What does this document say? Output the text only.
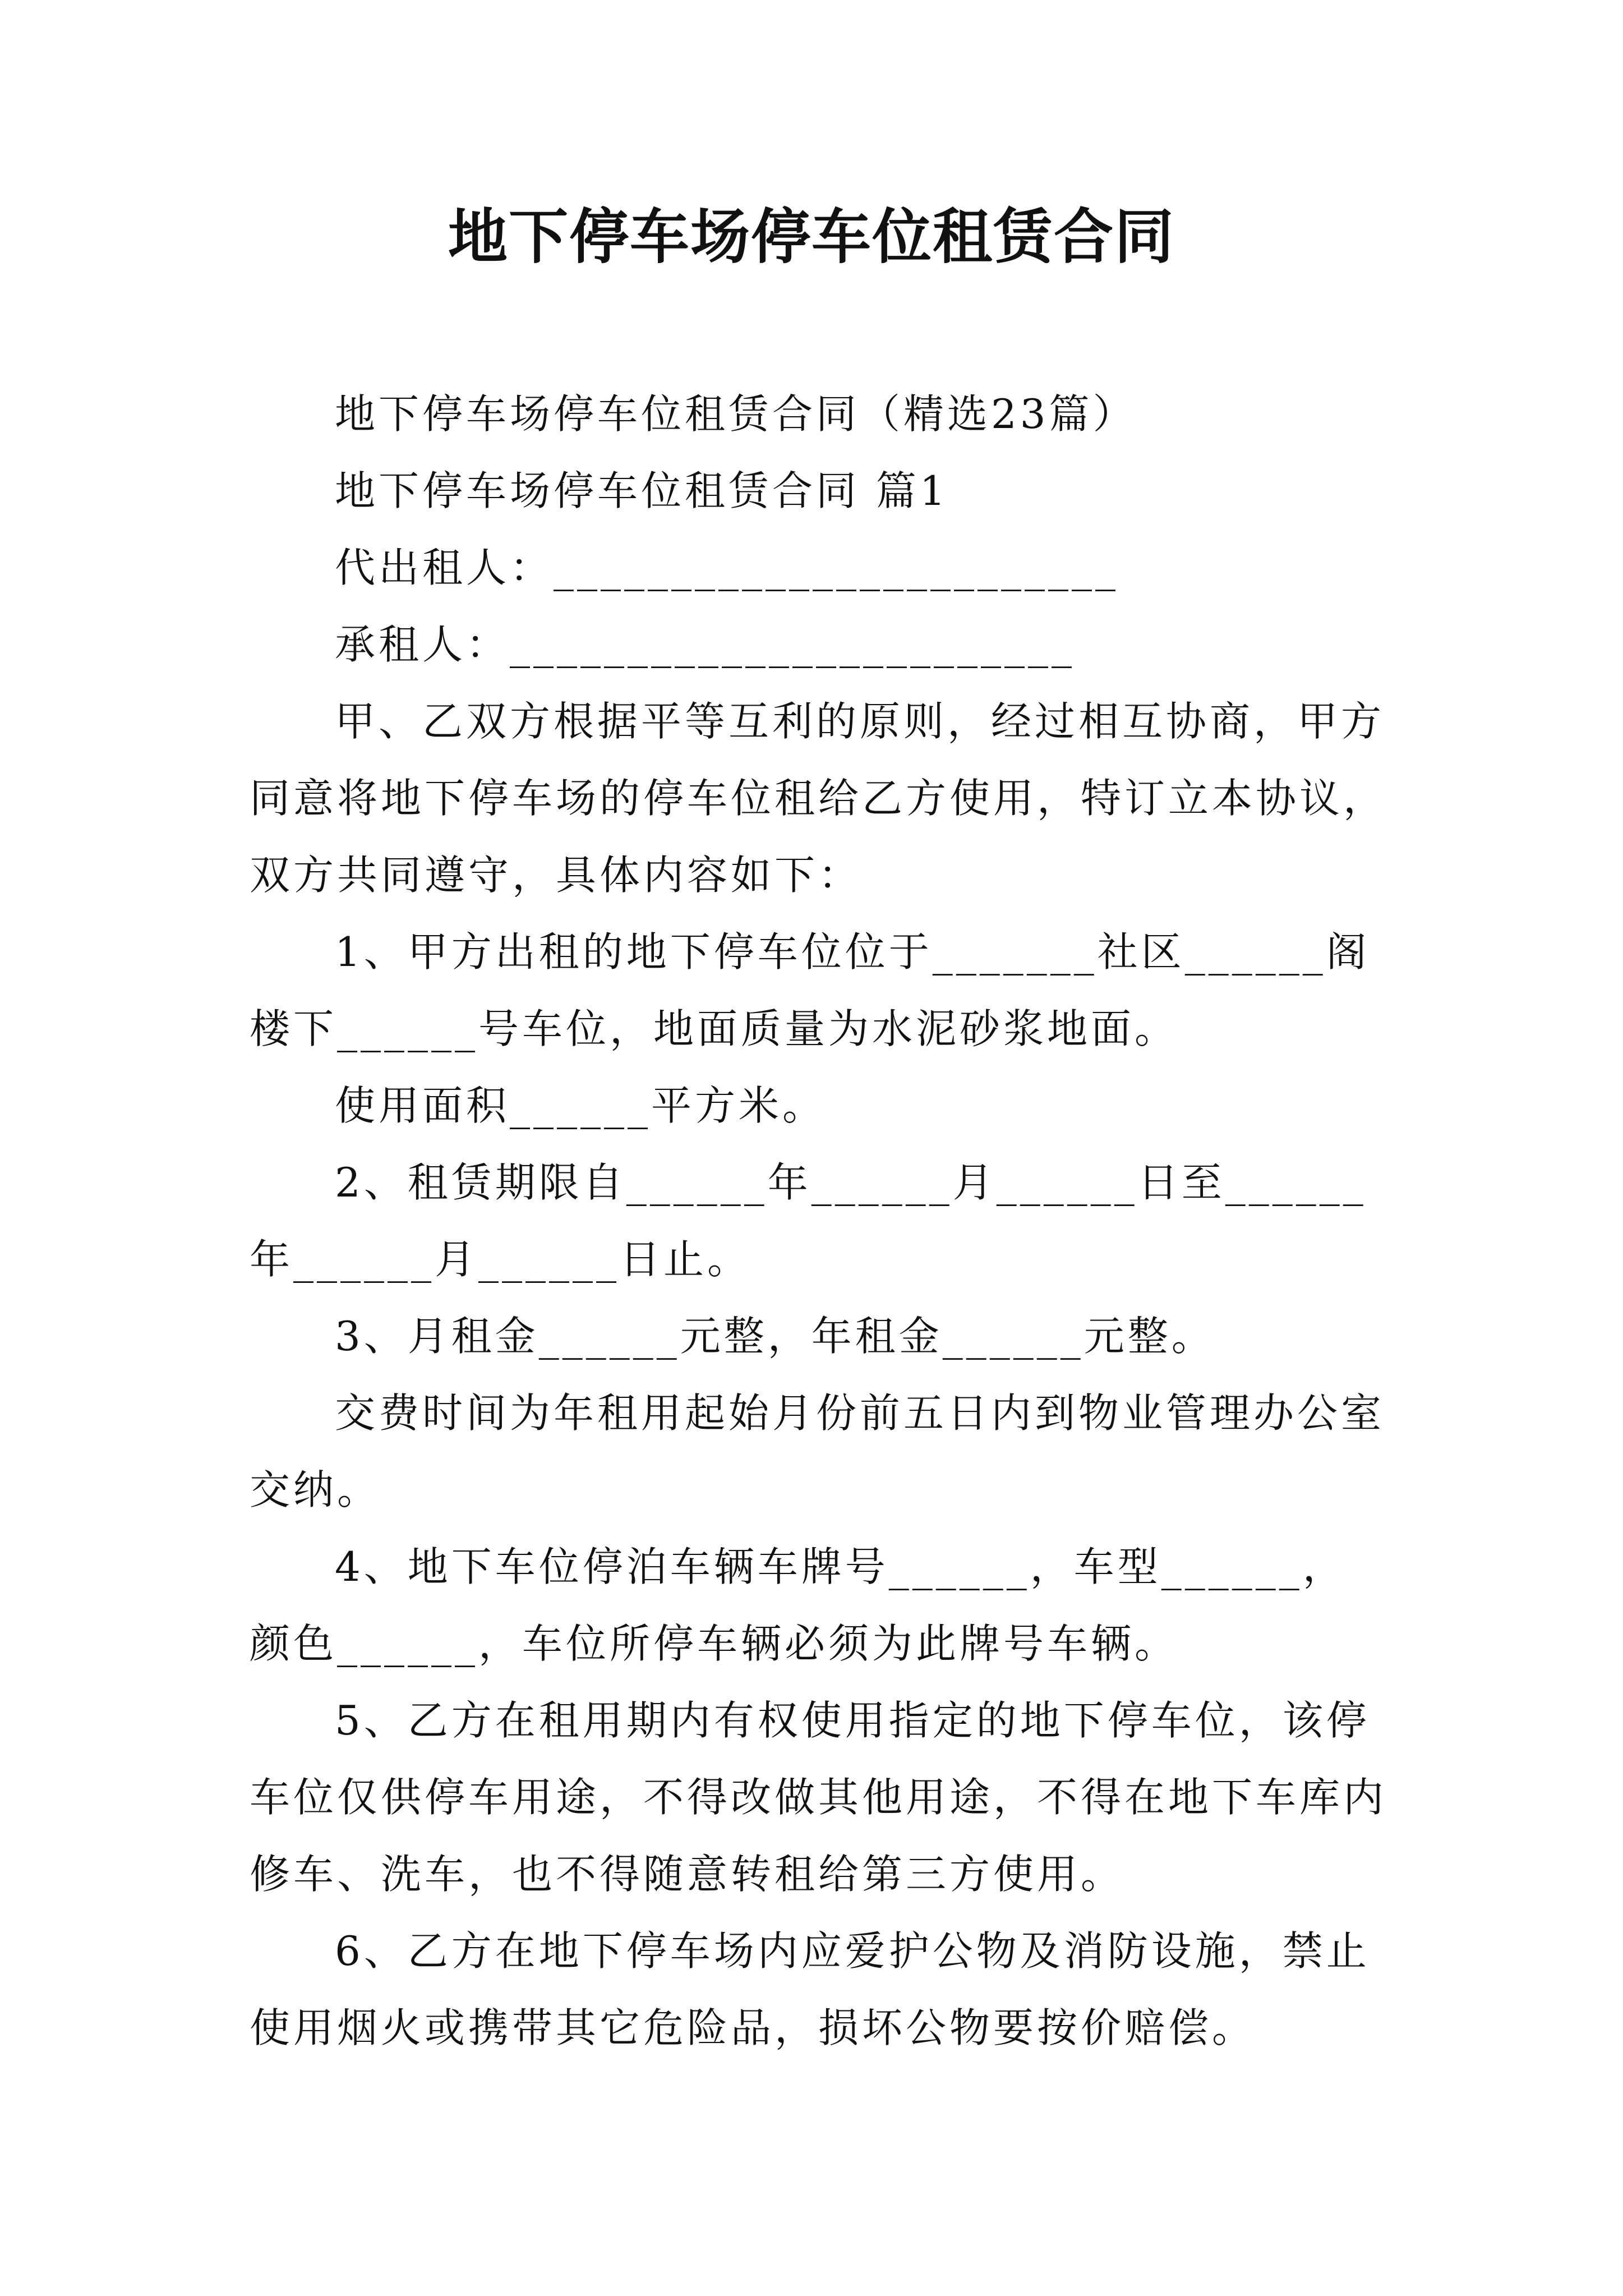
地下停车场停车位租赁合同

地下停车场停车位租赁合同（精选23篇）

地下停车场停车位租赁合同 篇1

代出租人：________________________

承租人：________________________

甲、乙双方根据平等互利的原则，经过相互协商，甲方同意将地下停车场的停车位租给乙方使用，特订立本协议，双方共同遵守，具体内容如下：

1、甲方出租的地下停车位位于_______社区______阁楼下______号车位，地面质量为水泥砂浆地面。

使用面积______平方米。

2、租赁期限自______年______月______日至______年______月______日止。

3、月租金______元整，年租金______元整。

交费时间为年租用起始月份前五日内到物业管理办公室交纳。

4、地下车位停泊车辆车牌号______，车型______，颜色______，车位所停车辆必须为此牌号车辆。

5、乙方在租用期内有权使用指定的地下停车位，该停车位仅供停车用途，不得改做其他用途，不得在地下车库内修车、洗车，也不得随意转租给第三方使用。

6、乙方在地下停车场内应爱护公物及消防设施，禁止使用烟火或携带其它危险品，损坏公物要按价赔偿。
